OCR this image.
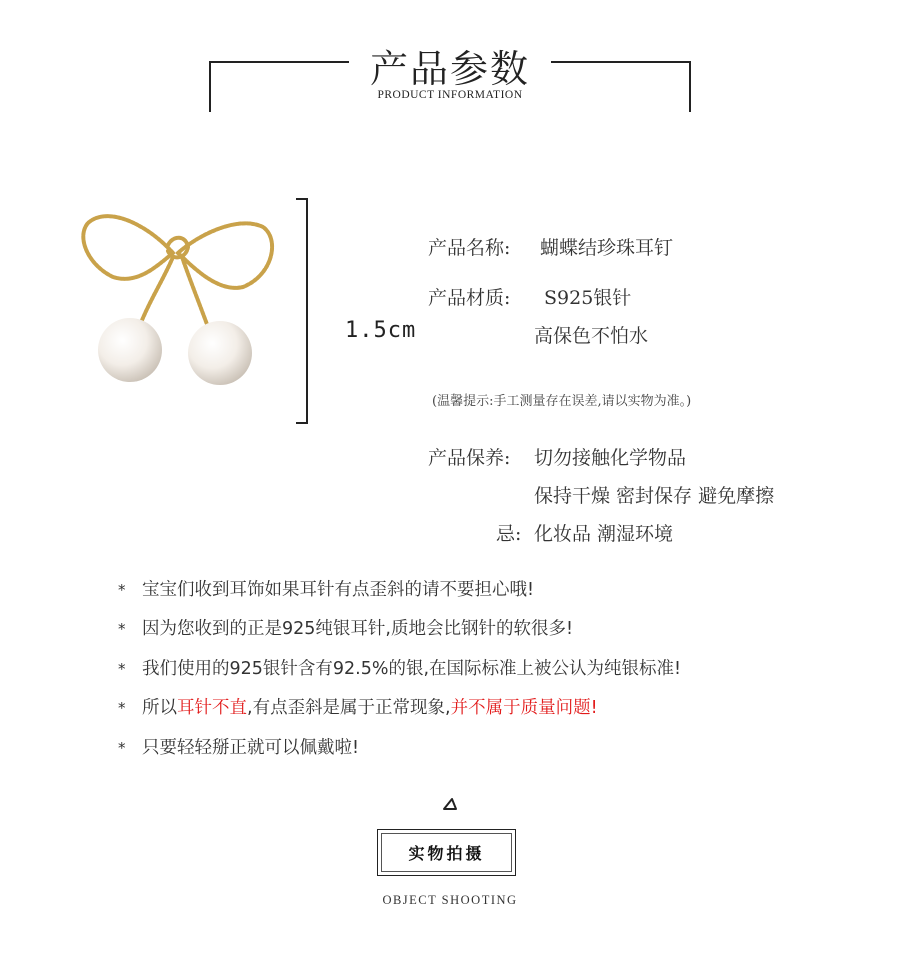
产品参数
PRODUCT INFORMATION
1.5cm
产品名称: 蝴蝶结珍珠耳钉
产品材质: S925银针
高保色不怕水
(温馨提示:手工测量存在误差,请以实物为准。)
产品保养: 切勿接触化学物品
保持干燥 密封保存 避免摩擦
忌: 化妆品 潮湿环境
* 宝宝们收到耳饰如果耳针有点歪斜的请不要担心哦!
* 因为您收到的正是925纯银耳针,质地会比钢针的软很多!
* 我们使用的925银针含有92.5%的银,在国际标准上被公认为纯银标准!
* 所以耳针不直,有点歪斜是属于正常现象,并不属于质量问题!
* 只要轻轻掰正就可以佩戴啦!
实物拍摄
OBJECT SHOOTING
